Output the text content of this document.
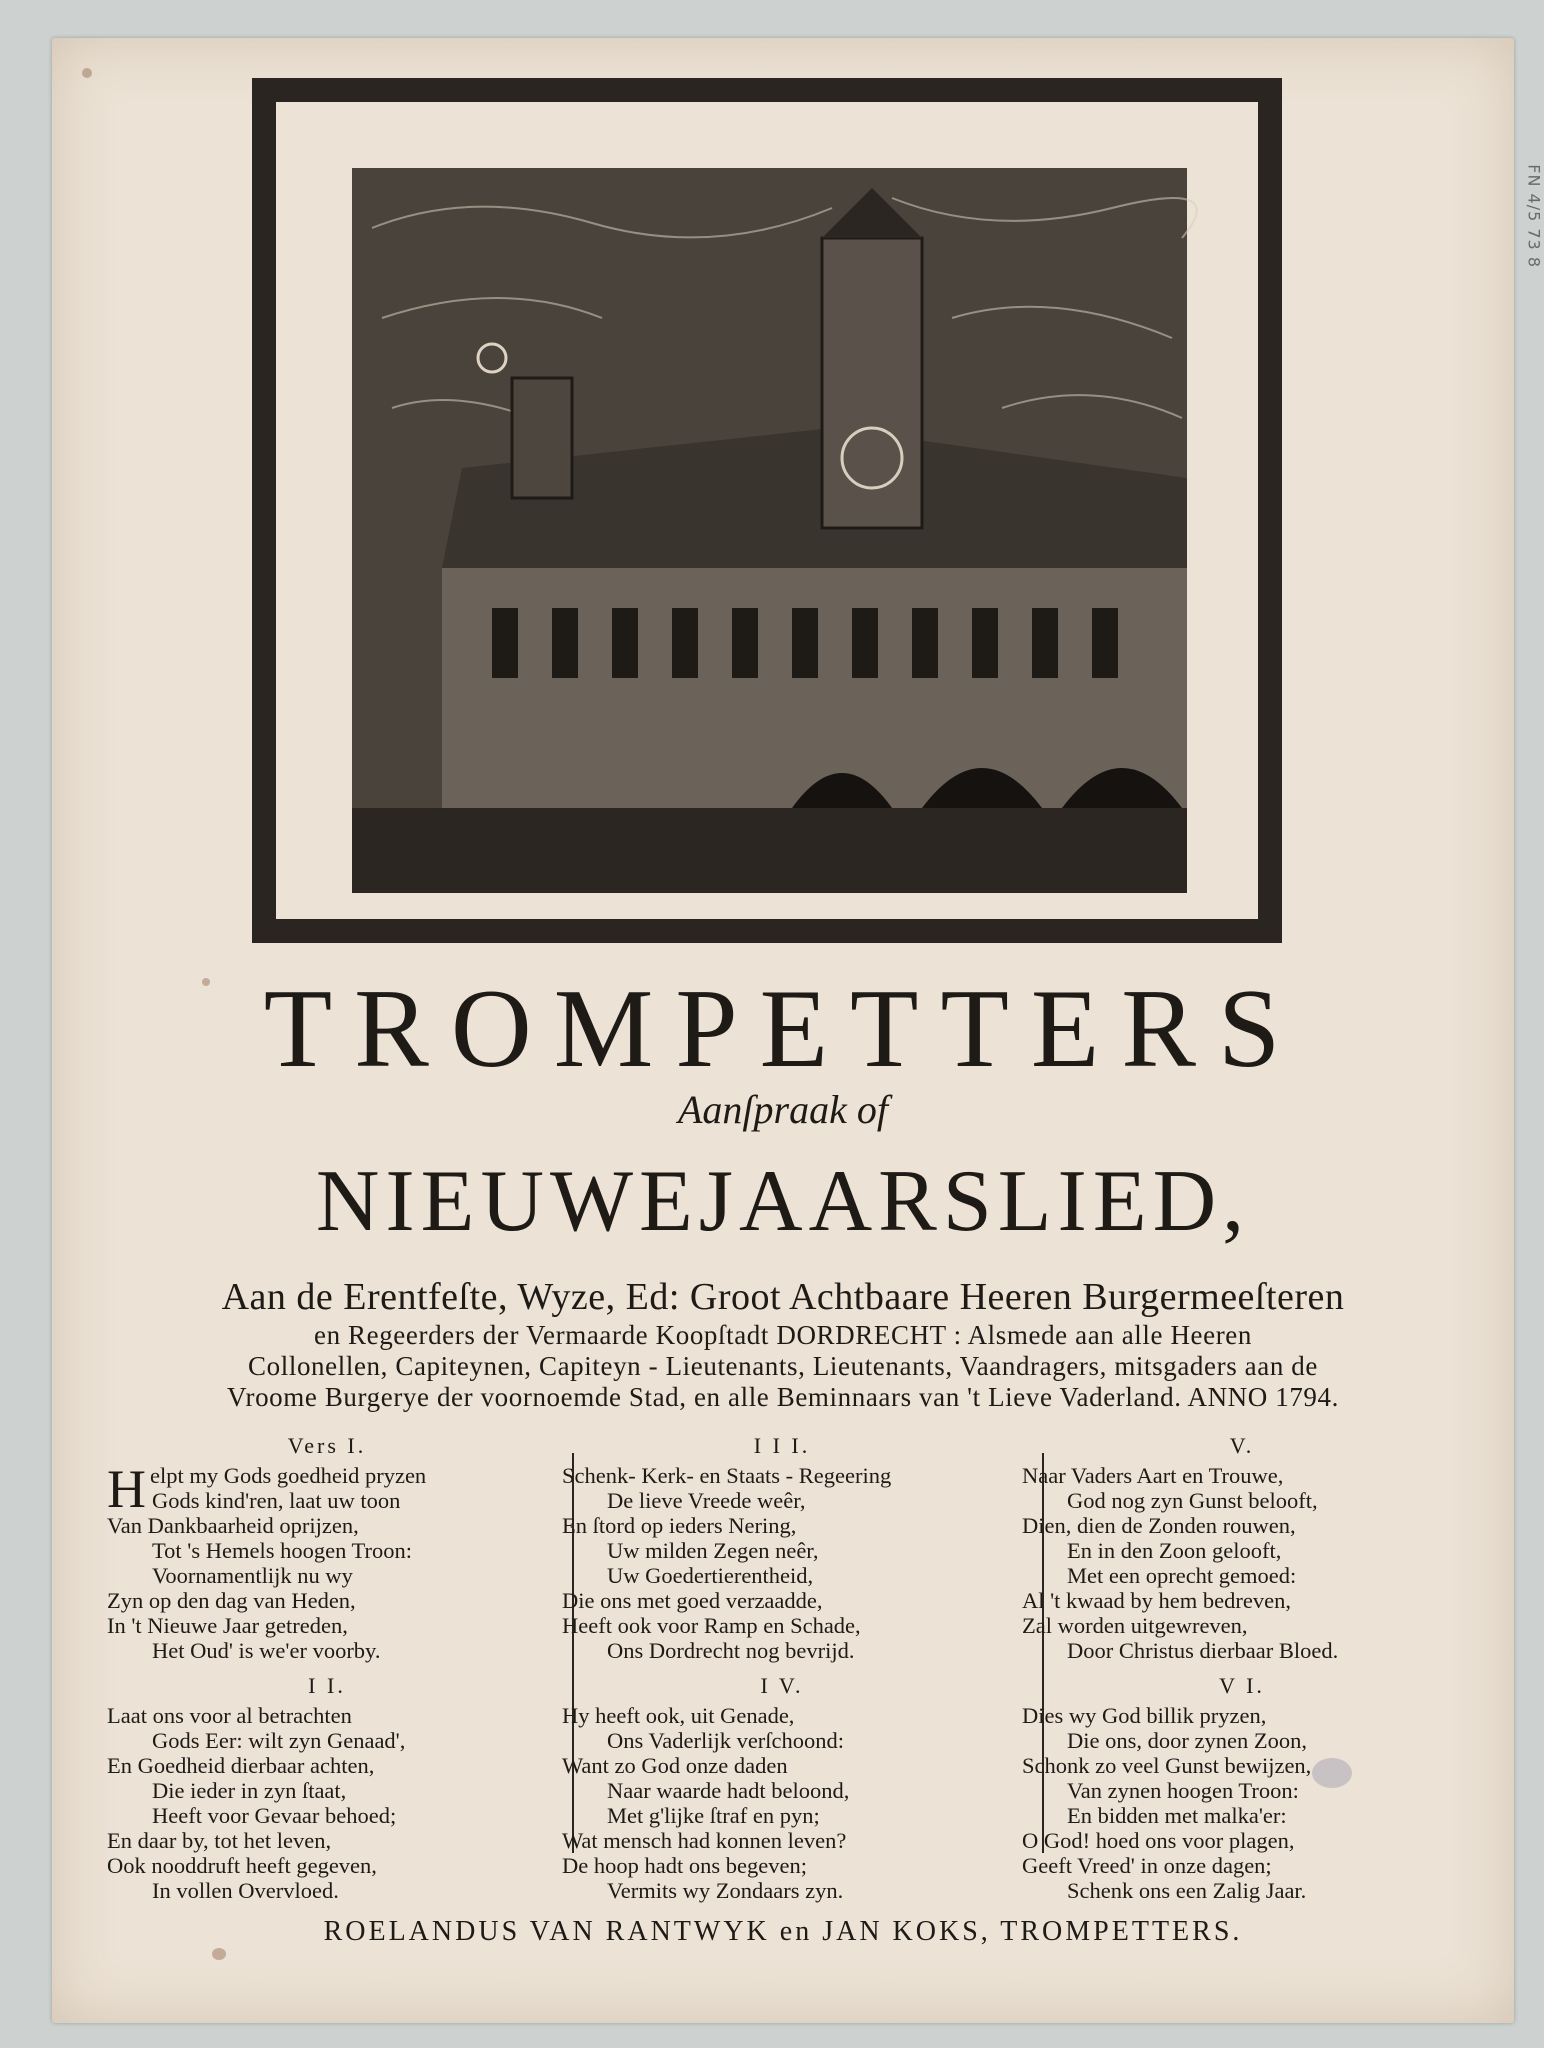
FN 4/5 73 8
TROMPETTERS
Aanſpraak of
NIEUWEJAARSLIED,
Aan de Erentfeſte, Wyze, Ed: Groot Achtbaare Heeren Burgermeeſteren
en Regeerders der Vermaarde Koopſtadt DORDRECHT : Alsmede aan alle Heeren
Collonellen, Capiteynen, Capiteyn - Lieutenants, Lieutenants, Vaandragers, mitsgaders aan de
Vroome Burgerye der voornoemde Stad, en alle Beminnaars van 't Lieve Vaderland. ANNO 1794.
Vers I.
H elpt my Gods goedheid pryzen
Gods kind'ren, laat uw toon
Van Dankbaarheid oprijzen,
Tot 's Hemels hoogen Troon:
Voornamentlijk nu wy
Zyn op den dag van Heden,
In 't Nieuwe Jaar getreden,
Het Oud' is we'er voorby.
I I.
Laat ons voor al betrachten
Gods Eer: wilt zyn Genaad',
En Goedheid dierbaar achten,
Die ieder in zyn ſtaat,
Heeft voor Gevaar behoed;
En daar by, tot het leven,
Ook nooddruft heeft gegeven,
In vollen Overvloed.
I I I.
Schenk- Kerk- en Staats - Regeering
De lieve Vreede weêr,
En ſtord op ieders Nering,
Uw milden Zegen neêr,
Uw Goedertierentheid,
Die ons met goed verzaadde,
Heeft ook voor Ramp en Schade,
Ons Dordrecht nog bevrijd.
I V.
Hy heeft ook, uit Genade,
Ons Vaderlijk verſchoond:
Want zo God onze daden
Naar waarde hadt beloond,
Met g'lijke ſtraf en pyn;
Wat mensch had konnen leven?
De hoop hadt ons begeven;
Vermits wy Zondaars zyn.
V.
Naar Vaders Aart en Trouwe,
God nog zyn Gunst belooft,
Dien, dien de Zonden rouwen,
En in den Zoon gelooft,
Met een oprecht gemoed:
Al 't kwaad by hem bedreven,
Zal worden uitgewreven,
Door Christus dierbaar Bloed.
V I.
Dies wy God billik pryzen,
Die ons, door zynen Zoon,
Schonk zo veel Gunst bewijzen,
Van zynen hoogen Troon:
En bidden met malka'er:
O God! hoed ons voor plagen,
Geeft Vreed' in onze dagen;
Schenk ons een Zalig Jaar.
ROELANDUS VAN RANTWYK en JAN KOKS, TROMPETTERS.
